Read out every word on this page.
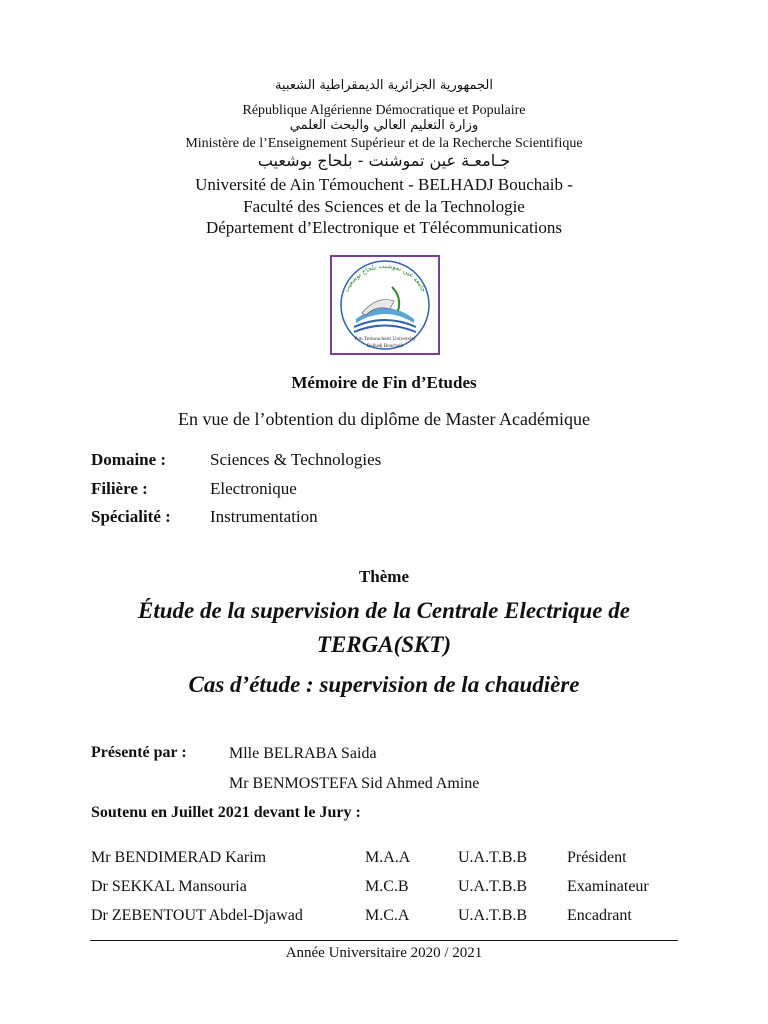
الجمهورية الجزائرية الديمقراطية الشعبية
République Algérienne Démocratique et Populaire
وزارة التعليم العالي والبحث العلمي
Ministère de l’Enseignement Supérieur et de la Recherche Scientifique
جـامعـة عين تموشنت - بلحاج بوشعيب
Université de Ain Témouchent - BELHADJ Bouchaib -
Faculté des Sciences et de la Technologie
Département d’Electronique et Télécommunications
جامعة عين تموشنت بلحاج بوشعيب
Ain Temouchent University
Belhadj Bouchaib
Mémoire de Fin d’Etudes
En vue de l’obtention du diplôme de Master Académique
Domaine :	Sciences & Technologies
Filière :	Electronique
Spécialité : Instrumentation
Thème
Étude de la supervision de la Centrale Electrique de
TERGA(SKT)
Cas d’étude : supervision de la chaudière
Présenté par :	Mlle BELRABA Saida
Mr BENMOSTEFA Sid Ahmed Amine
Soutenu en Juillet 2021 devant le Jury :
Mr BENDIMERAD Karim	M.A.A	U.A.T.B.B Président
Dr SEKKAL Mansouria	M.C.B	U.A.T.B.B Examinateur
Dr ZEBENTOUT Abdel-Djawad	M.C.A	U.A.T.B.B Encadrant
Année Universitaire 2020 / 2021
